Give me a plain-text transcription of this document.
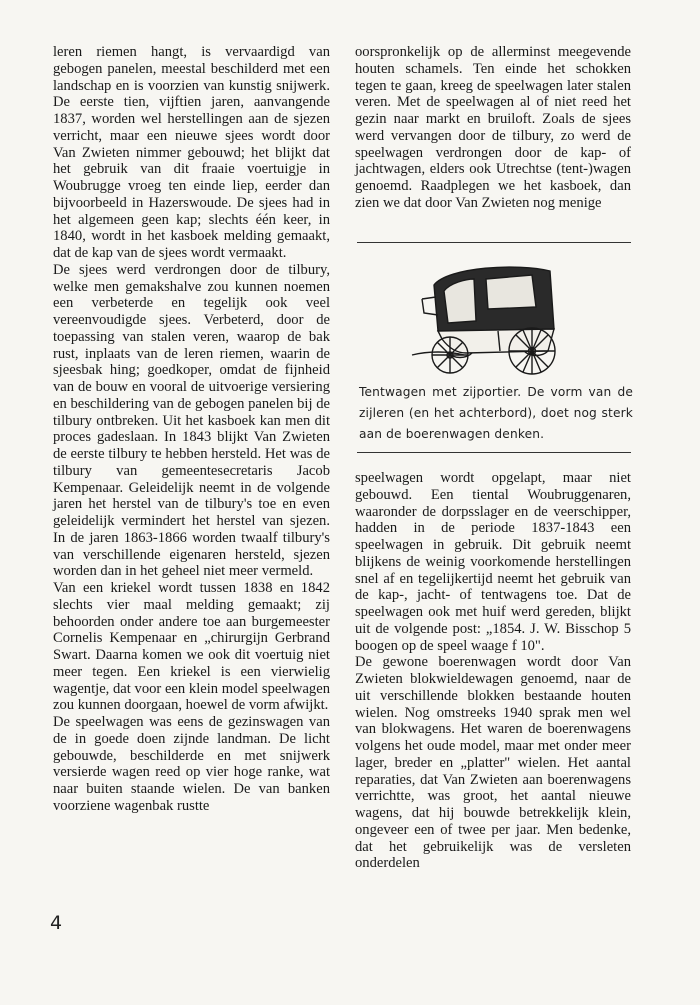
leren riemen hangt, is vervaardigd van gebogen panelen, meestal beschilderd met een landschap en is voorzien van kunstig snijwerk. De eerste tien, vijftien jaren, aanvangende 1837, worden wel herstellingen aan de sjezen verricht, maar een nieuwe sjees wordt door Van Zwieten nimmer gebouwd; het blijkt dat het gebruik van dit fraaie voertuigje in Woubrugge vroeg ten einde liep, eerder dan bijvoorbeeld in Hazerswoude. De sjees had in het algemeen geen kap; slechts één keer, in 1840, wordt in het kasboek melding gemaakt, dat de kap van de sjees wordt vermaakt.

De sjees werd verdrongen door de tilbury, welke men gemakshalve zou kunnen noemen een verbeterde en tegelijk ook veel vereenvoudigde sjees. Verbeterd, door de toepassing van stalen veren, waarop de bak rust, inplaats van de leren riemen, waarin de sjeesbak hing; goedkoper, omdat de fijnheid van de bouw en vooral de uitvoerige versiering en beschildering van de gebogen panelen bij de tilbury ontbreken. Uit het kasboek kan men dit proces gadeslaan. In 1843 blijkt Van Zwieten de eerste tilbury te hebben hersteld. Het was de tilbury van gemeentesecretaris Jacob Kempenaar. Geleidelijk neemt in de volgende jaren het herstel van de tilbury's toe en even geleidelijk vermindert het herstel van sjezen. In de jaren 1863-1866 worden twaalf tilbury's van verschillende eigenaren hersteld, sjezen worden dan in het geheel niet meer vermeld.

Van een kriekel wordt tussen 1838 en 1842 slechts vier maal melding gemaakt; zij behoorden onder andere toe aan burgemeester Cornelis Kempenaar en „chirurgijn Gerbrand Swart. Daarna komen we ook dit voertuig niet meer tegen. Een kriekel is een vierwielig wagentje, dat voor een klein model speelwagen zou kunnen doorgaan, hoewel de vorm afwijkt.

De speelwagen was eens de gezinswagen van de in goede doen zijnde landman. De licht gebouwde, beschilderde en met snijwerk versierde wagen reed op vier hoge ranke, wat naar buiten staande wielen. De van banken voorziene wagenbak rustte

oorspronkelijk op de allerminst meegevende houten schamels. Ten einde het schokken tegen te gaan, kreeg de speelwagen later stalen veren. Met de speelwagen al of niet reed het gezin naar markt en bruiloft. Zoals de sjees werd vervangen door de tilbury, zo werd de speelwagen verdrongen door de kap- of jachtwagen, elders ook Utrechtse (tent-)wagen genoemd. Raadplegen we het kasboek, dan zien we dat door Van Zwieten nog menige

Tentwagen met zijportier. De vorm van de zijleren (en het achterbord), doet nog sterk aan de boerenwagen denken.

speelwagen wordt opgelapt, maar niet gebouwd. Een tiental Woubruggenaren, waaronder de dorpsslager en de veerschipper, hadden in de periode 1837-1843 een speelwagen in gebruik. Dit gebruik neemt blijkens de weinig voorkomende herstellingen snel af en tegelijkertijd neemt het gebruik van de kap-, jacht- of tentwagens toe. Dat de speelwagen ook met huif werd gereden, blijkt uit de volgende post: „1854. J. W. Bisschop 5 boogen op de speel waage f 10".

De gewone boerenwagen wordt door Van Zwieten blokwieldewagen genoemd, naar de uit verschillende blokken bestaande houten wielen. Nog omstreeks 1940 sprak men wel van blokwagens. Het waren de boerenwagens volgens het oude model, maar met onder meer lager, breder en „platter" wielen. Het aantal reparaties, dat Van Zwieten aan boerenwagens verrichtte, was groot, het aantal nieuwe wagens, dat hij bouwde betrekkelijk klein, ongeveer een of twee per jaar. Men bedenke, dat het gebruikelijk was de versleten onderdelen

4
